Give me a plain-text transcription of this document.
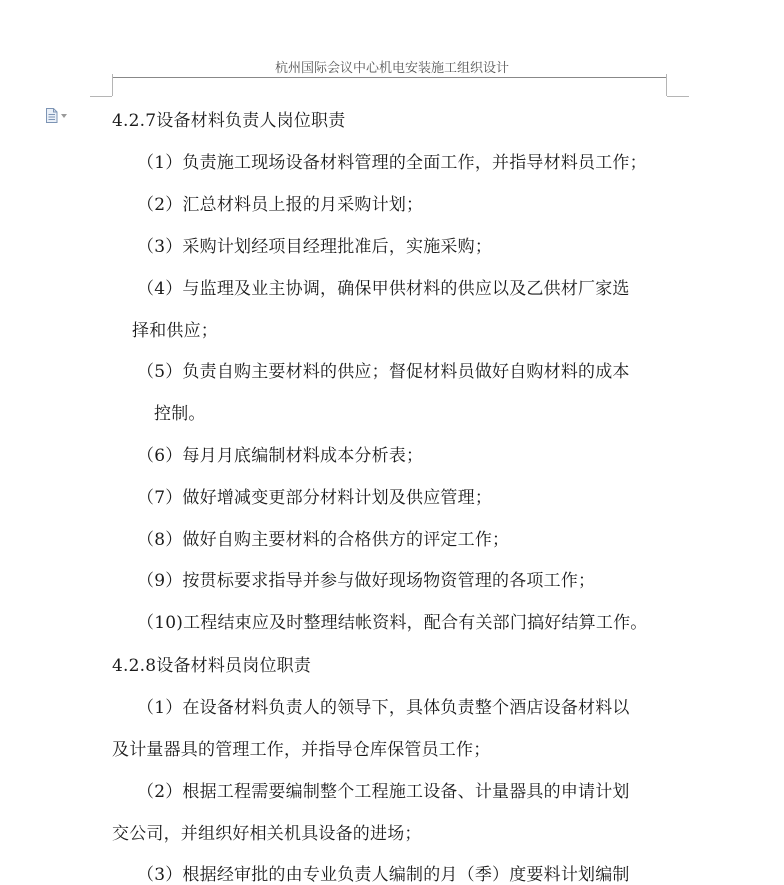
杭州国际会议中心机电安装施工组织设计
4.2.7设备材料负责人岗位职责
（1）负责施工现场设备材料管理的全面工作，并指导材料员工作；
（2）汇总材料员上报的月采购计划；
（3）采购计划经项目经理批准后，实施采购；
（4）与监理及业主协调，确保甲供材料的供应以及乙供材厂家选
择和供应；
（5）负责自购主要材料的供应；督促材料员做好自购材料的成本
控制。
（6）每月月底编制材料成本分析表；
（7）做好增减变更部分材料计划及供应管理；
（8）做好自购主要材料的合格供方的评定工作；
（9）按贯标要求指导并参与做好现场物资管理的各项工作；
（10)工程结束应及时整理结帐资料，配合有关部门搞好结算工作。
4.2.8设备材料员岗位职责
（1）在设备材料负责人的领导下，具体负责整个酒店设备材料以
及计量器具的管理工作，并指导仓库保管员工作；
（2）根据工程需要编制整个工程施工设备、计量器具的申请计划
交公司，并组织好相关机具设备的进场；
（3）根据经审批的由专业负责人编制的月（季）度要料计划编制
